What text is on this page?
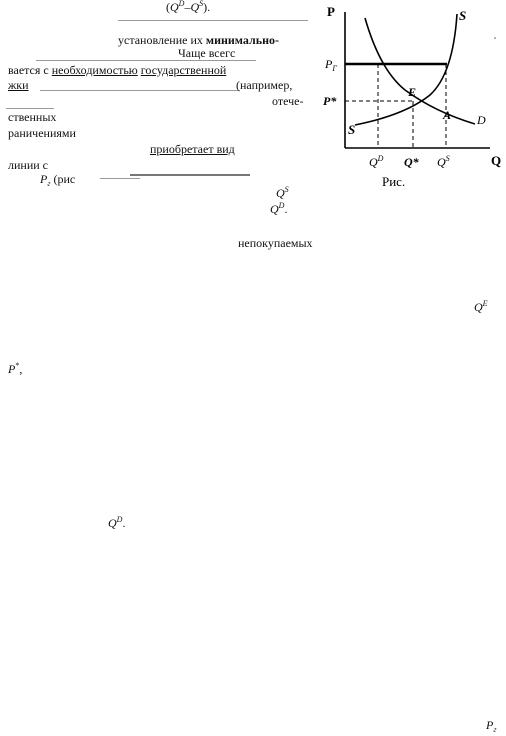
$(Q^D-Q^S)$.
установление их минимально-
Чаще всегс
вается с необходимостью государственной
жки	(например,
отече-
ственных
раничениями
приобретает вид
линии с
$P_г$ (рис
$Q^S$
$Q^D$.
непокупаемых
$Q^Е$
P*,
$Q^D$.
$P_г$
P
Q
$P_Г$
P*
E
A D
S
S
$Q^D$ Q* $Q^S$
Рис.
